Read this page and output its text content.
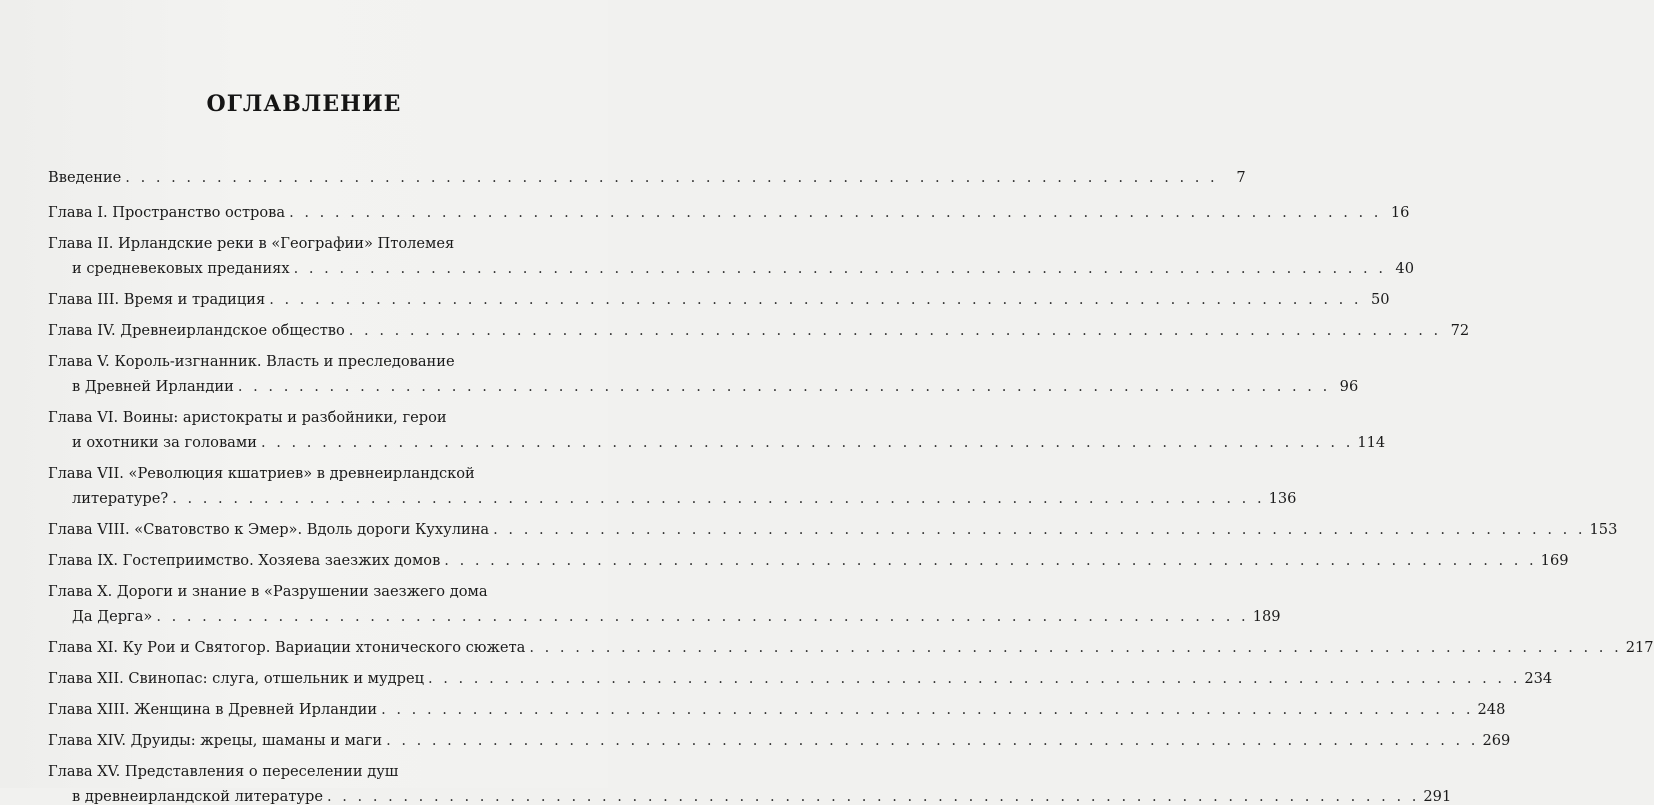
ОГЛАВЛЕНИЕ
Введение . . . . . . . . . . . . . . . . . . . . . . . . . . . . . . . . . . . . . . . . . . . . . . . . . . . . . . . . . . . . . . . . . . . . . . . .	7
Глава I. Пространство острова . . . . . . . . . . . . . . . . . . . . . . . . . . . . . . . . . . . . . . . . . . . . . . . . . . . . . . . . . . . . . . . . . . . . . . . . 16
Глава II. Ирландские реки в «Географии» Птолемея
и средневековых преданиях . . . . . . . . . . . . . . . . . . . . . . . . . . . . . . . . . . . . . . . . . . . . . . . . . . . . . . . . . . . . . . . . . . . . . . . . 40
Глава III. Время и традиция . . . . . . . . . . . . . . . . . . . . . . . . . . . . . . . . . . . . . . . . . . . . . . . . . . . . . . . . . . . . . . . . . . . . . . . . 50
Глава IV. Древнеирландское общество . . . . . . . . . . . . . . . . . . . . . . . . . . . . . . . . . . . . . . . . . . . . . . . . . . . . . . . . . . . . . . . . . . . . . . . . 72
Глава V. Король-изгнанник. Власть и преследование
в Древней Ирландии . . . . . . . . . . . . . . . . . . . . . . . . . . . . . . . . . . . . . . . . . . . . . . . . . . . . . . . . . . . . . . . . . . . . . . . . 96
Глава VI. Воины: аристократы и разбойники, герои
и охотники за головами . . . . . . . . . . . . . . . . . . . . . . . . . . . . . . . . . . . . . . . . . . . . . . . . . . . . . . . . . . . . . . . . . . . . . . . . 114
Глава VII. «Революция кшатриев» в древнеирландской
литературе? . . . . . . . . . . . . . . . . . . . . . . . . . . . . . . . . . . . . . . . . . . . . . . . . . . . . . . . . . . . . . . . . . . . . . . . . 136
Глава VIII. «Сватовство к Эмер». Вдоль дороги Кухулина . . . . . . . . . . . . . . . . . . . . . . . . . . . . . . . . . . . . . . . . . . . . . . . . . . . . . . . . . . . . . . . . . . . . . . . . 153
Глава IX. Гостеприимство. Хозяева заезжих домов . . . . . . . . . . . . . . . . . . . . . . . . . . . . . . . . . . . . . . . . . . . . . . . . . . . . . . . . . . . . . . . . . . . . . . . . 169
Глава X. Дороги и знание в «Разрушении заезжего дома
Да Дерга» . . . . . . . . . . . . . . . . . . . . . . . . . . . . . . . . . . . . . . . . . . . . . . . . . . . . . . . . . . . . . . . . . . . . . . . . 189
Глава XI. Ку Рои и Святогор. Вариации хтонического сюжета . . . . . . . . . . . . . . . . . . . . . . . . . . . . . . . . . . . . . . . . . . . . . . . . . . . . . . . . . . . . . . . . . . . . . . . . 217
Глава XII. Свинопас: слуга, отшельник и мудрец . . . . . . . . . . . . . . . . . . . . . . . . . . . . . . . . . . . . . . . . . . . . . . . . . . . . . . . . . . . . . . . . . . . . . . . . 234
Глава XIII. Женщина в Древней Ирландии . . . . . . . . . . . . . . . . . . . . . . . . . . . . . . . . . . . . . . . . . . . . . . . . . . . . . . . . . . . . . . . . . . . . . . . . 248
Глава XIV. Друиды: жрецы, шаманы и маги . . . . . . . . . . . . . . . . . . . . . . . . . . . . . . . . . . . . . . . . . . . . . . . . . . . . . . . . . . . . . . . . . . . . . . . . 269
Глава XV. Представления о переселении душ
в древнеирландской литературе . . . . . . . . . . . . . . . . . . . . . . . . . . . . . . . . . . . . . . . . . . . . . . . . . . . . . . . . . . . . . . . . . . . . . . . . 291
